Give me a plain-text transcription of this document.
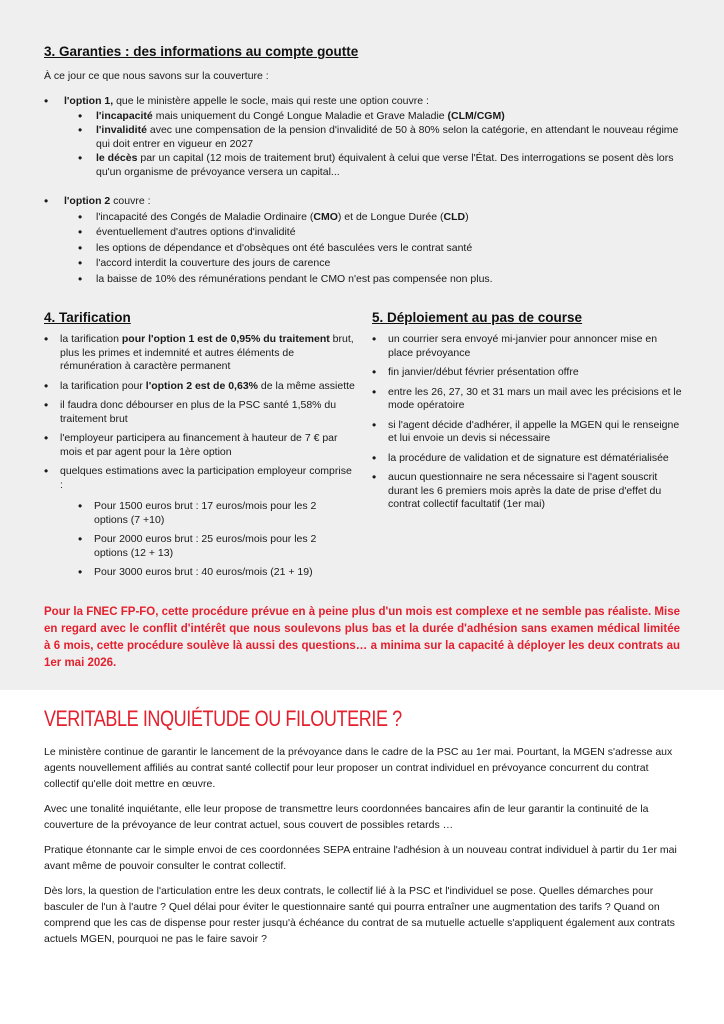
3. Garanties : des informations au compte goutte

À ce jour ce que nous savons sur la couverture :

• l'option 1, que le ministère appelle le socle, mais qui reste une option couvre :
• l'incapacité mais uniquement du Congé Longue Maladie et Grave Maladie (CLM/CGM)
• l'invalidité avec une compensation de la pension d'invalidité de 50 à 80% selon la catégorie, en attendant le nouveau régime qui doit entrer en vigueur en 2027
• le décès par un capital (12 mois de traitement brut) équivalent à celui que verse l'État. Des interrogations se posent dès lors qu'un organisme de prévoyance versera un capital...
• l'option 2 couvre :
• l'incapacité des Congés de Maladie Ordinaire (CMO) et de Longue Durée (CLD)
• éventuellement d'autres options d'invalidité
• les options de dépendance et d'obsèques ont été basculées vers le contrat santé
• l'accord interdit la couverture des jours de carence
• la baisse de 10% des rémunérations pendant le CMO n'est pas compensée non plus.
4. Tarification
• la tarification pour l'option 1 est de 0,95% du traitement brut, plus les primes et indemnité et autres éléments de rémunération à caractère permanent
• la tarification pour l'option 2 est de 0,63% de la même assiette
• il faudra donc débourser en plus de la PSC santé 1,58% du traitement brut
• l'employeur participera au financement à hauteur de 7 € par mois et par agent pour la 1ère option
• quelques estimations avec la participation employeur comprise :
• Pour 1500 euros brut : 17 euros/mois pour les 2 options (7 +10)
• Pour 2000 euros brut : 25 euros/mois pour les 2 options (12 + 13)
• Pour 3000 euros brut : 40 euros/mois (21 + 19)
5. Déploiement au pas de course
• un courrier sera envoyé mi-janvier pour annoncer mise en place prévoyance
• fin janvier/début février présentation offre
• entre les 26, 27, 30 et 31 mars un mail avec les précisions et le mode opératoire
• si l'agent décide d'adhérer, il appelle la MGEN qui le renseigne et lui envoie un devis si nécessaire
• la procédure de validation et de signature est dématérialisée
• aucun questionnaire ne sera nécessaire si l'agent souscrit durant les 6 premiers mois après la date de prise d'effet du contrat collectif facultatif (1er mai)

Pour la FNEC FP-FO, cette procédure prévue en à peine plus d'un mois est complexe et ne semble pas réaliste. Mise en regard avec le conflit d'intérêt que nous soulevons plus bas et la durée d'adhésion sans examen médical limitée à 6 mois, cette procédure soulève là aussi des questions… a minima sur la capacité à déployer les deux contrats au 1er mai 2026.

VERITABLE INQUIÉTUDE OU FILOUTERIE ?

Le ministère continue de garantir le lancement de la prévoyance dans le cadre de la PSC au 1er mai. Pourtant, la MGEN s'adresse aux agents nouvellement affiliés au contrat santé collectif pour leur proposer un contrat individuel en prévoyance concurrent du contrat collectif qu'elle doit mettre en œuvre.

Avec une tonalité inquiétante, elle leur propose de transmettre leurs coordonnées bancaires afin de leur garantir la continuité de la couverture de la prévoyance de leur contrat actuel, sous couvert de possibles retards …

Pratique étonnante car le simple envoi de ces coordonnées SEPA entraine l'adhésion à un nouveau contrat individuel à partir du 1er mai avant même de pouvoir consulter le contrat collectif.

Dès lors, la question de l'articulation entre les deux contrats, le collectif lié à la PSC et l'individuel se pose. Quelles démarches pour basculer de l'un à l'autre ? Quel délai pour éviter le questionnaire santé qui pourra entraîner une augmentation des tarifs ? Quand on comprend que les cas de dispense pour rester jusqu'à échéance du contrat de sa mutuelle actuelle s'appliquent également aux contrats actuels MGEN, pourquoi ne pas le faire savoir ?
